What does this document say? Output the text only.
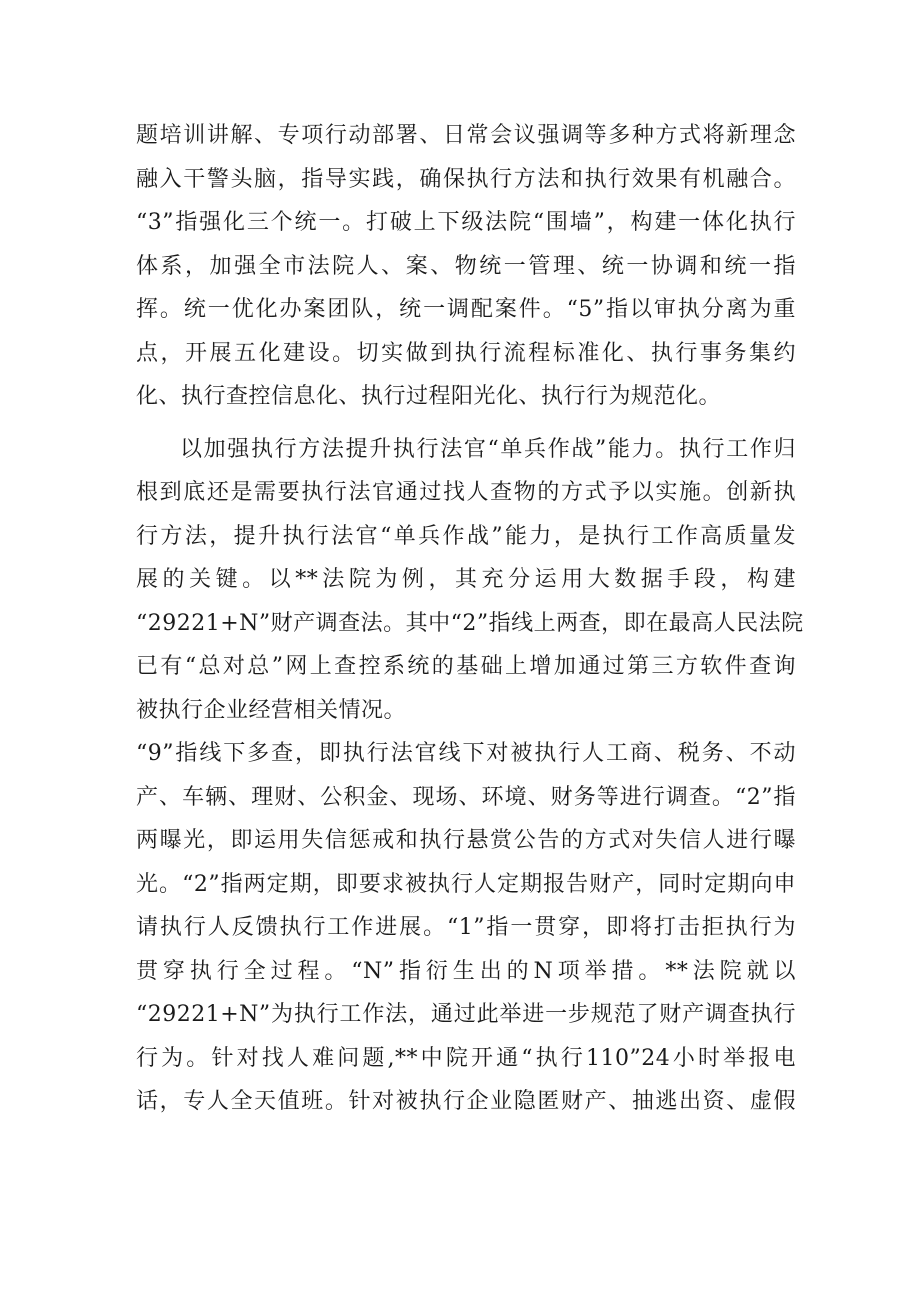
题培训讲解、专项行动部署、日常会议强调等多种方式将新理念
融入干警头脑，指导实践，确保执行方法和执行效果有机融合。
“3”指强化三个统一。打破上下级法院“围墙”，构建一体化执行
体系，加强全市法院人、案、物统一管理、统一协调和统一指
挥。统一优化办案团队，统一调配案件。“5”指以审执分离为重
点，开展五化建设。切实做到执行流程标准化、执行事务集约
化、执行查控信息化、执行过程阳光化、执行行为规范化。
以加强执行方法提升执行法官“单兵作战”能力。执行工作归
根到底还是需要执行法官通过找人查物的方式予以实施。创新执
行方法，提升执行法官“单兵作战”能力，是执行工作高质量发
展的关键。以**法院为例，其充分运用大数据手段，构建
“29221+N”财产调查法。其中“2”指线上两查，即在最高人民法院
已有“总对总”网上查控系统的基础上增加通过第三方软件查询
被执行企业经营相关情况。
“9”指线下多查，即执行法官线下对被执行人工商、税务、不动
产、车辆、理财、公积金、现场、环境、财务等进行调查。“2”指
两曝光，即运用失信惩戒和执行悬赏公告的方式对失信人进行曝
光。“2”指两定期，即要求被执行人定期报告财产，同时定期向申
请执行人反馈执行工作进展。“1”指一贯穿，即将打击拒执行为
贯穿执行全过程。“N”指衍生出的N项举措。**法院就以
“29221+N”为执行工作法，通过此举进一步规范了财产调查执行
行为。针对找人难问题,**中院开通“执行110”24小时举报电
话，专人全天值班。针对被执行企业隐匿财产、抽逃出资、虚假
